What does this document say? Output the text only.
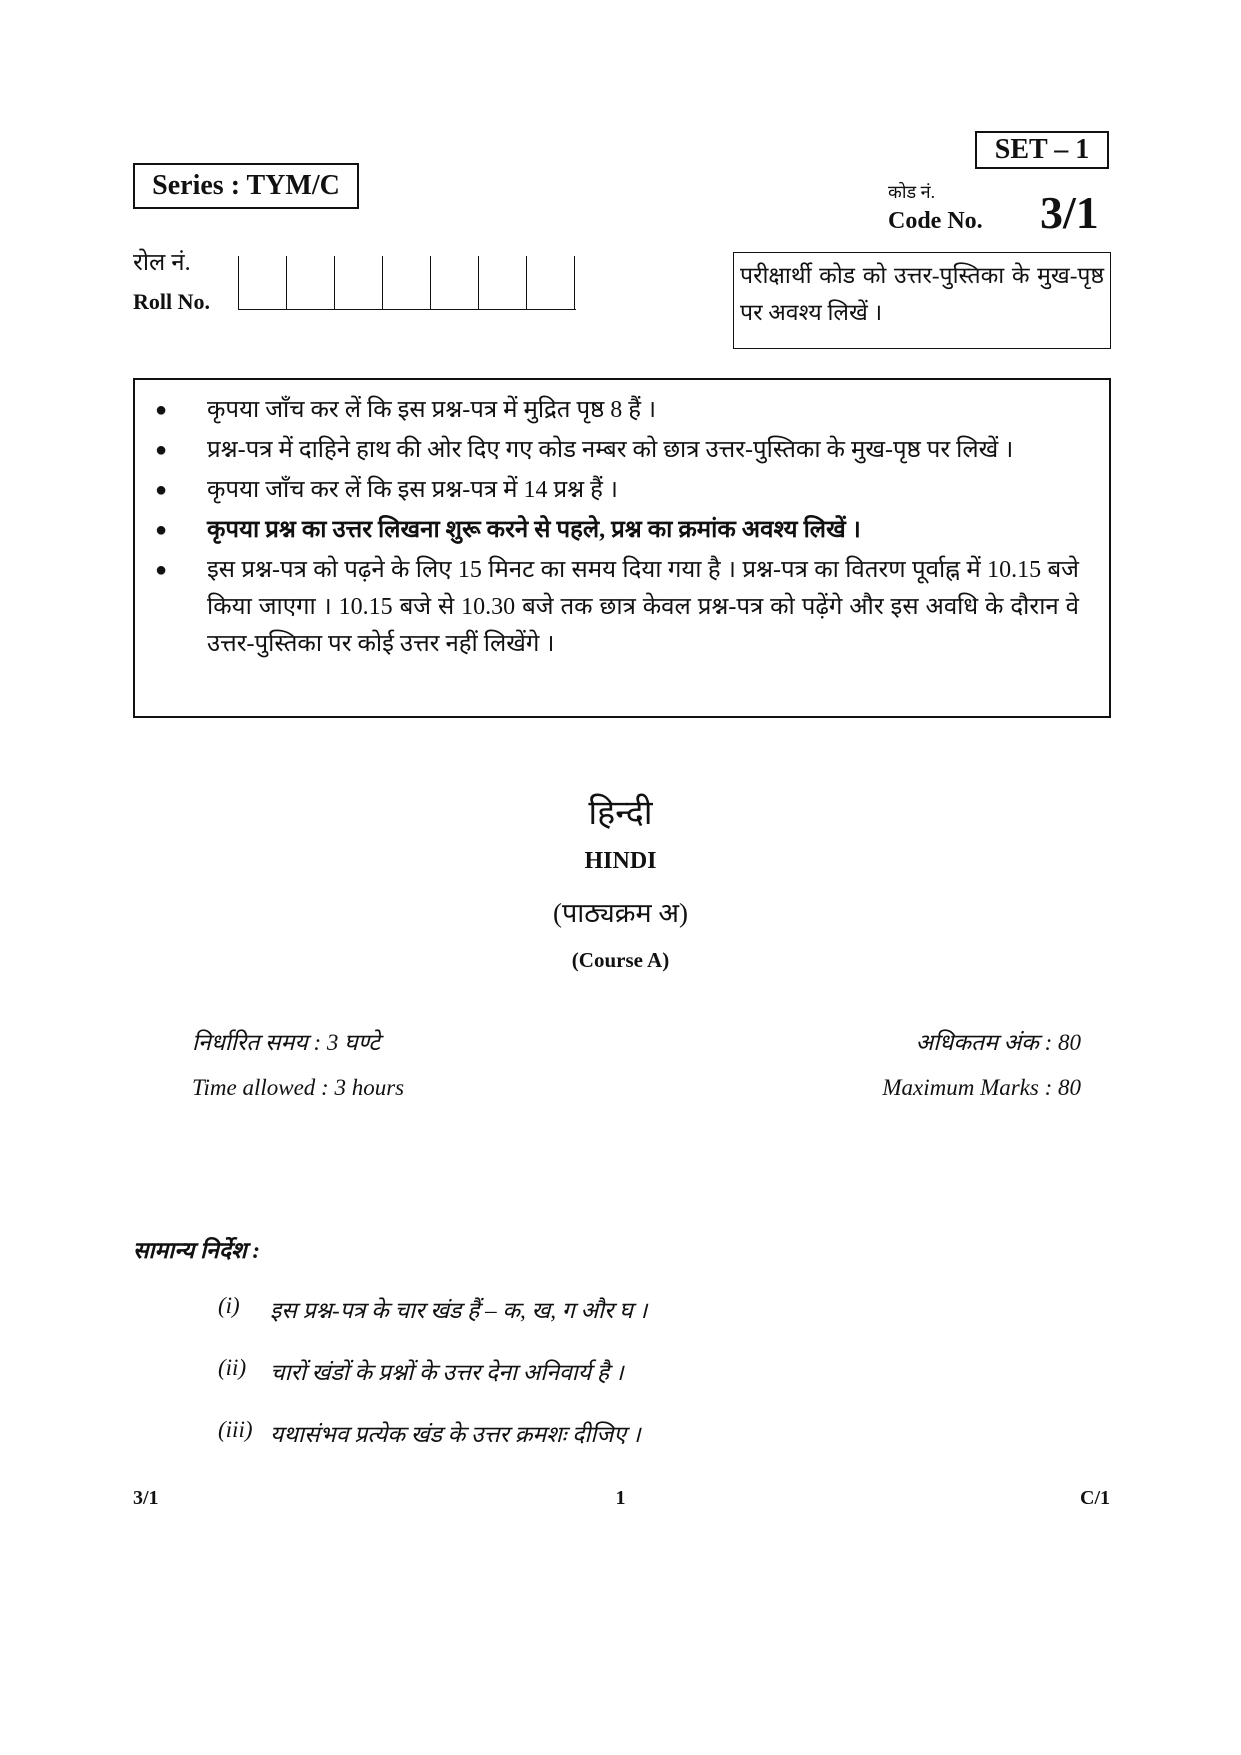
SET – 1
Series : TYM/C	कोड नं.
Code No. 3/1
रोल नं.
Roll No.
परीक्षार्थी कोड को उत्तर-पुस्तिका के मुख-पृष्ठ पर अवश्य लिखें ।
●	कृपया जाँच कर लें कि इस प्रश्न-पत्र में मुद्रित पृष्ठ 8 हैं ।
●	प्रश्न-पत्र में दाहिने हाथ की ओर दिए गए कोड नम्बर को छात्र उत्तर-पुस्तिका के मुख-पृष्ठ पर लिखें ।
●	कृपया जाँच कर लें कि इस प्रश्न-पत्र में 14 प्रश्न हैं ।
●	कृपया प्रश्न का उत्तर लिखना शुरू करने से पहले, प्रश्न का क्रमांक अवश्य लिखें ।
●	इस प्रश्न-पत्र को पढ़ने के लिए 15 मिनट का समय दिया गया है । प्रश्न-पत्र का वितरण पूर्वाह्न में 10.15 बजे किया जाएगा । 10.15 बजे से 10.30 बजे तक छात्र केवल प्रश्न-पत्र को पढ़ेंगे और इस अवधि के दौरान वे उत्तर-पुस्तिका पर कोई उत्तर नहीं लिखेंगे ।
हिन्दी
HINDI
(पाठ्यक्रम अ)
(Course A)
निर्धारित समय : 3 घण्टे
Time allowed : 3 hours
अधिकतम अंक : 80
Maximum Marks : 80
सामान्य निर्देश :
(i)	इस प्रश्न-पत्र के चार खंड हैं – क, ख, ग और घ ।
(ii)	चारों खंडों के प्रश्नों के उत्तर देना अनिवार्य है ।
(iii) यथासंभव प्रत्येक खंड के उत्तर क्रमशः दीजिए ।
3/1	1	C/1
